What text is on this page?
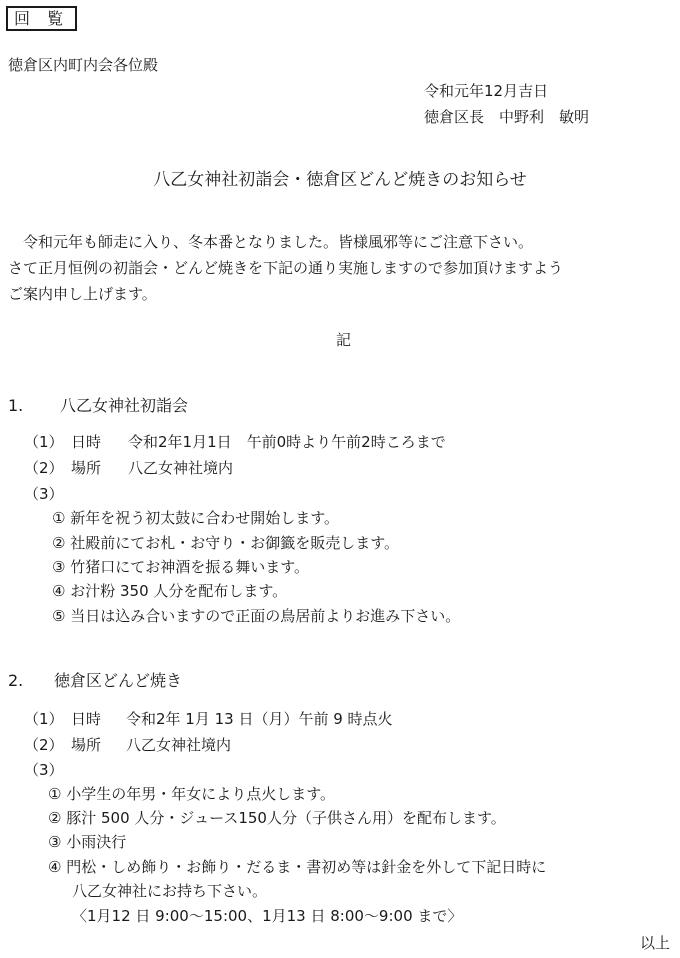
回 覧
徳倉区内町内会各位殿
令和元年12月吉日
徳倉区長　中野利　敏明
八乙女神社初詣会・徳倉区どんど焼きのお知らせ
　令和元年も師走に入り、冬本番となりました。皆様風邪等にご注意下さい。
さて正月恒例の初詣会・どんど焼きを下記の通り実施しますので参加頂けますよう
ご案内申し上げます。
記
1. 八乙女神社初詣会
（1）　日時 令和2年1月1日　午前0時より午前2時ころまで
（2）　場所 八乙女神社境内
（3）
① 新年を祝う初太鼓に合わせ開始します。
② 社殿前にてお札・お守り・お御籤を販売します。
③ 竹猪口にてお神酒を振る舞います。
④ お汁粉 350 人分を配布します。
⑤ 当日は込み合いますので正面の鳥居前よりお進み下さい。
2. 徳倉区どんど焼き
（1）　日時 令和2年 1月 13 日（月）午前 9 時点火
（2）　場所 八乙女神社境内
（3）
① 小学生の年男・年女により点火します。
② 豚汁 500 人分・ジュース150人分（子供さん用）を配布します。
③ 小雨決行
④ 門松・しめ飾り・お飾り・だるま・書初め等は針金を外して下記日時に
八乙女神社にお持ち下さい。
〈1月12 日 9:00～15:00、1月13 日 8:00～9:00 まで〉
以上
